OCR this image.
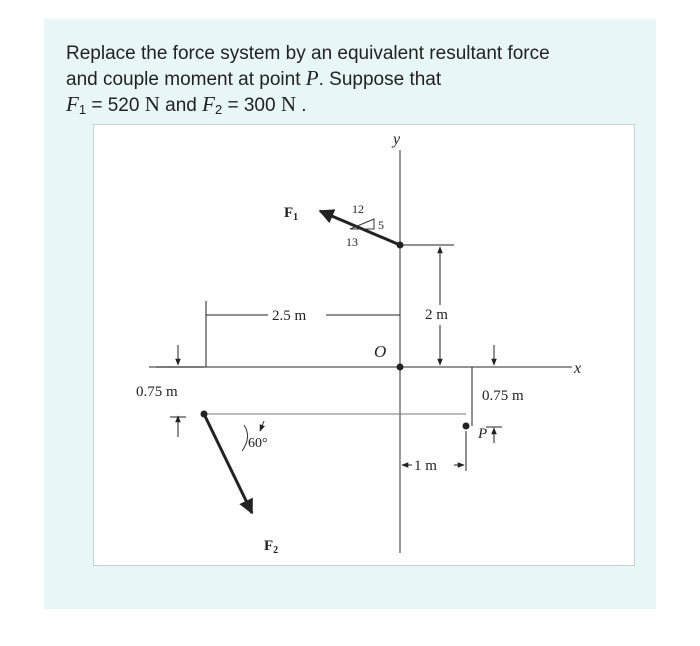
Replace the force system by an equivalent resultant force
and couple moment at point P. Suppose that
$F_1 = 520$ N and $F_2 = 300$ N .
y
x
O
$F_1$
12
5
13
2 m
2.5 m
0.75 m
$F_2$
60°
P
0.75 m
1 m
